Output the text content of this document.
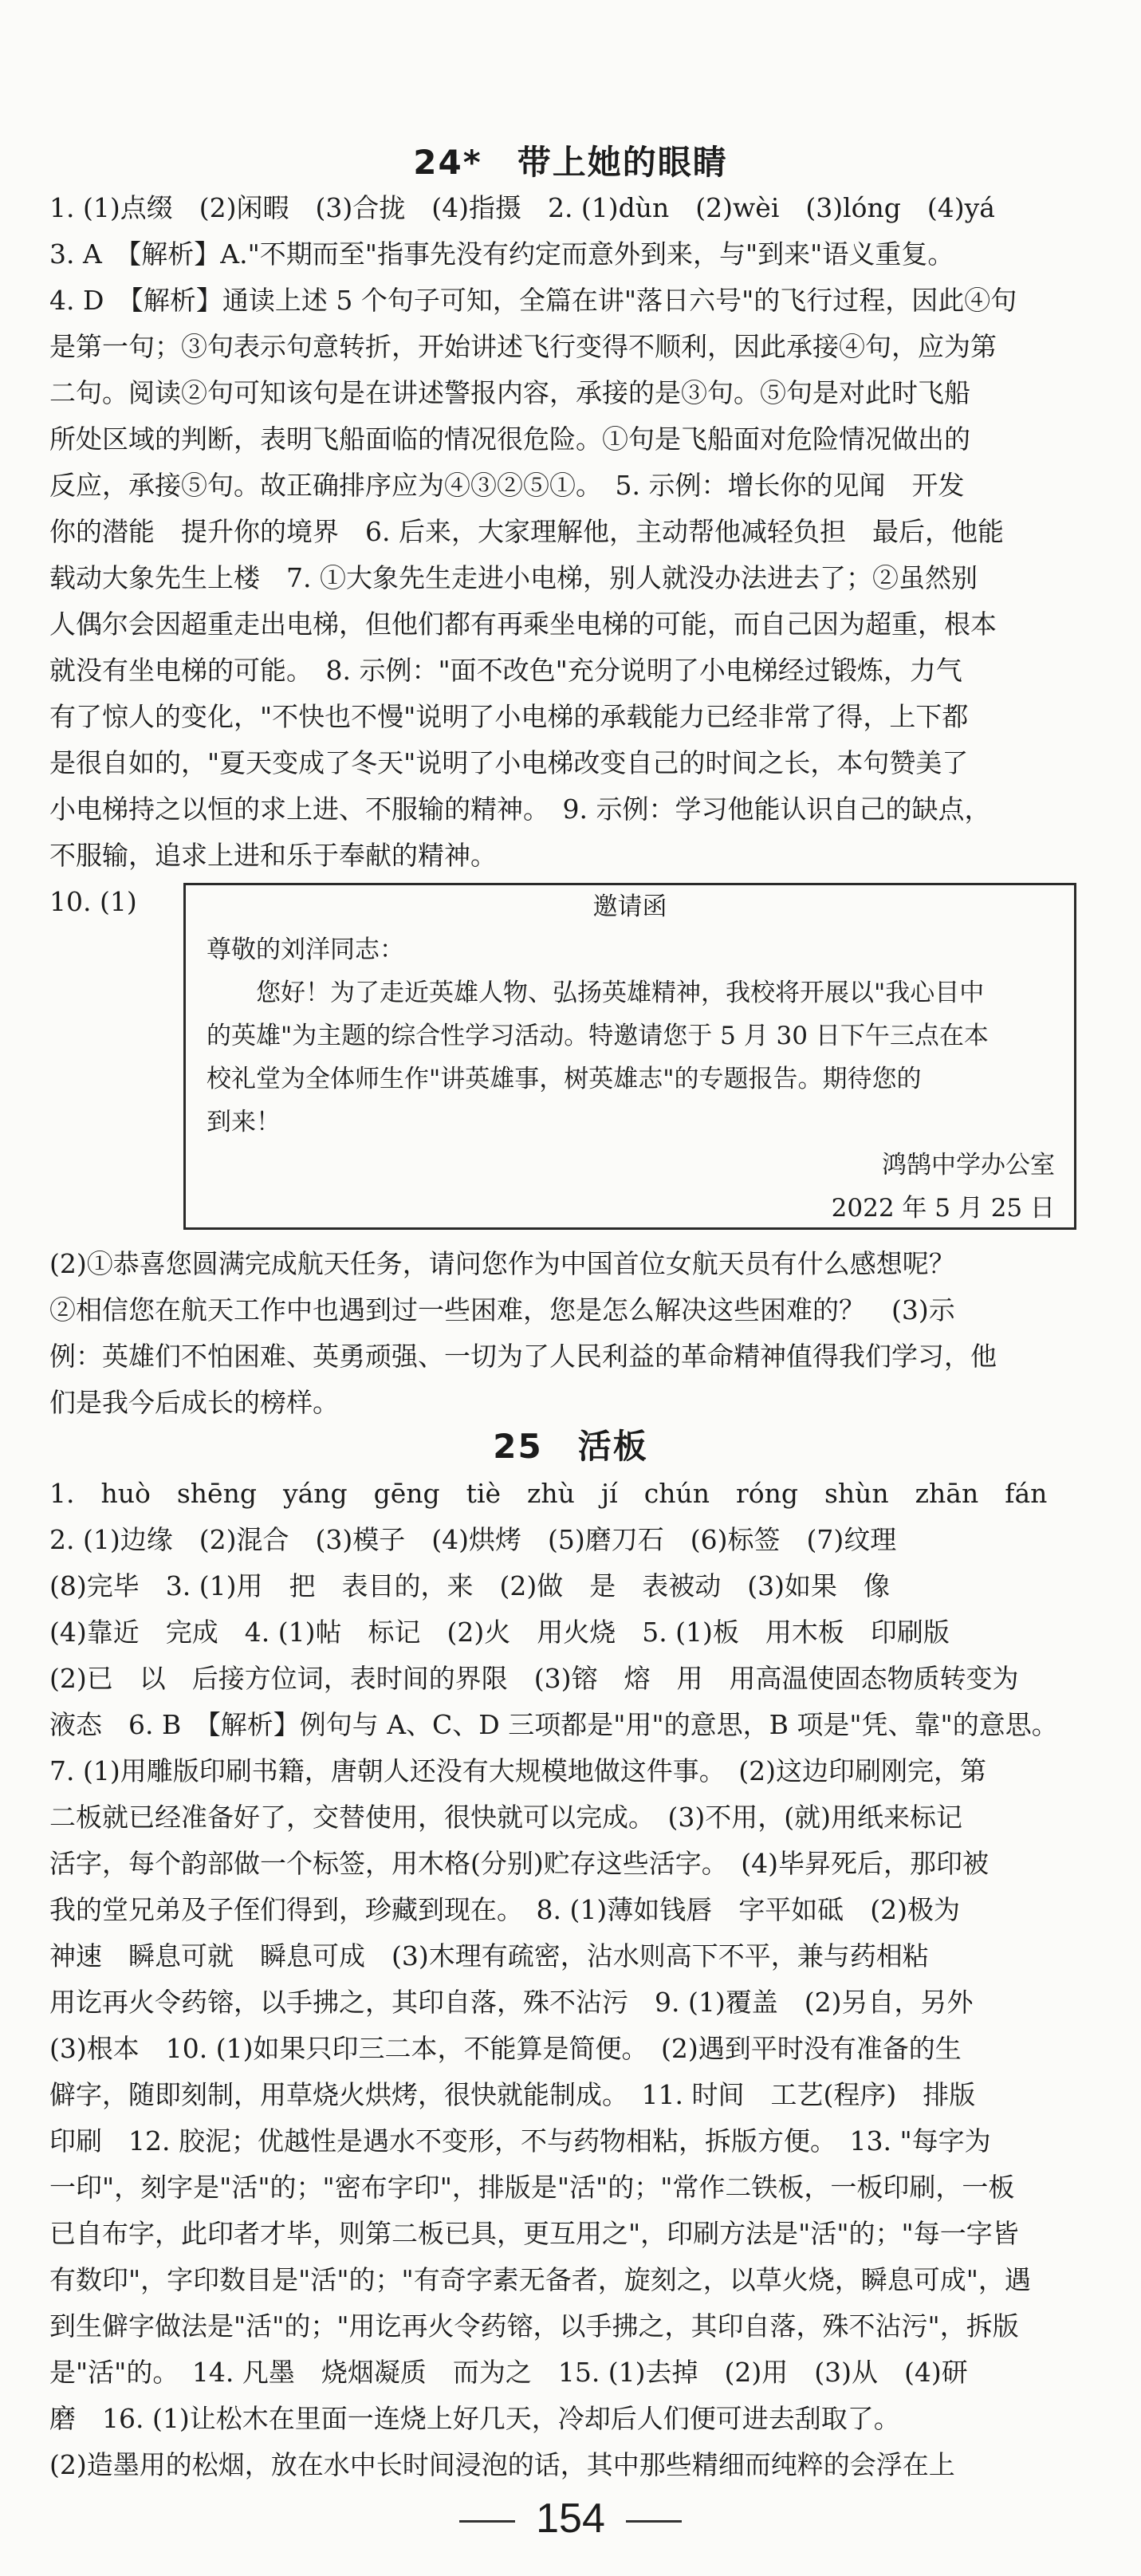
24*　带上她的眼睛
1. (1)点缀　(2)闲暇　(3)合拢　(4)指摄　2. (1)dùn　(2)wèi　(3)lóng　(4)yá
3. A　【解析】A."不期而至"指事先没有约定而意外到来，与"到来"语义重复。
4. D　【解析】通读上述 5 个句子可知，全篇在讲"落日六号"的飞行过程，因此④句
是第一句；③句表示句意转折，开始讲述飞行变得不顺利，因此承接④句，应为第
二句。阅读②句可知该句是在讲述警报内容，承接的是③句。⑤句是对此时飞船
所处区域的判断，表明飞船面临的情况很危险。①句是飞船面对危险情况做出的
反应，承接⑤句。故正确排序应为④③②⑤①。　5. 示例：增长你的见闻　开发
你的潜能　提升你的境界　6. 后来，大家理解他，主动帮他减轻负担　最后，他能
载动大象先生上楼　7. ①大象先生走进小电梯，别人就没办法进去了；②虽然别
人偶尔会因超重走出电梯，但他们都有再乘坐电梯的可能，而自己因为超重，根本
就没有坐电梯的可能。　8. 示例："面不改色"充分说明了小电梯经过锻炼，力气
有了惊人的变化，"不快也不慢"说明了小电梯的承载能力已经非常了得，上下都
是很自如的，"夏天变成了冬天"说明了小电梯改变自己的时间之长，本句赞美了
小电梯持之以恒的求上进、不服输的精神。　9. 示例：学习他能认识自己的缺点，
不服输，追求上进和乐于奉献的精神。
10. (1)	邀请函
尊敬的刘洋同志：
　　您好！为了走近英雄人物、弘扬英雄精神，我校将开展以"我心目中
的英雄"为主题的综合性学习活动。特邀请您于 5 月 30 日下午三点在本
校礼堂为全体师生作"讲英雄事，树英雄志"的专题报告。期待您的
到来！
鸿鹄中学办公室
2022 年 5 月 25 日
(2)①恭喜您圆满完成航天任务，请问您作为中国首位女航天员有什么感想呢？
②相信您在航天工作中也遇到过一些困难，您是怎么解决这些困难的？　(3)示
例：英雄们不怕困难、英勇顽强、一切为了人民利益的革命精神值得我们学习，他
们是我今后成长的榜样。
25　活板
1.　huò　shēng　yáng　gēng　tiè　zhù　jí　chún　róng　shùn　zhān　fán
2. (1)边缘　(2)混合　(3)模子　(4)烘烤　(5)磨刀石　(6)标签　(7)纹理
(8)完毕　3. (1)用　把　表目的，来　(2)做　是　表被动　(3)如果　像
(4)靠近　完成　4. (1)帖　标记　(2)火　用火烧　5. (1)板　用木板　印刷版
(2)已　以　后接方位词，表时间的界限　(3)镕　熔　用　用高温使固态物质转变为
液态　6. B　【解析】例句与 A、C、D 三项都是"用"的意思，B 项是"凭、靠"的意思。
7. (1)用雕版印刷书籍，唐朝人还没有大规模地做这件事。　(2)这边印刷刚完，第
二板就已经准备好了，交替使用，很快就可以完成。　(3)不用，(就)用纸来标记
活字，每个韵部做一个标签，用木格(分别)贮存这些活字。　(4)毕昇死后，那印被
我的堂兄弟及子侄们得到，珍藏到现在。　8. (1)薄如钱唇　字平如砥　(2)极为
神速　瞬息可就　瞬息可成　(3)木理有疏密，沾水则高下不平，兼与药相粘
用讫再火令药镕，以手拂之，其印自落，殊不沾污　9. (1)覆盖　(2)另自，另外
(3)根本　10. (1)如果只印三二本，不能算是简便。　(2)遇到平时没有准备的生
僻字，随即刻制，用草烧火烘烤，很快就能制成。　11. 时间　工艺(程序)　排版
印刷　12. 胶泥；优越性是遇水不变形，不与药物相粘，拆版方便。　13. "每字为
一印"，刻字是"活"的；"密布字印"，排版是"活"的；"常作二铁板，一板印刷，一板
已自布字，此印者才毕，则第二板已具，更互用之"，印刷方法是"活"的；"每一字皆
有数印"，字印数目是"活"的；"有奇字素无备者，旋刻之，以草火烧，瞬息可成"，遇
到生僻字做法是"活"的；"用讫再火令药镕，以手拂之，其印自落，殊不沾污"，拆版
是"活"的。　14. 凡墨　烧烟凝质　而为之　15. (1)去掉　(2)用　(3)从　(4)研
磨　16. (1)让松木在里面一连烧上好几天，冷却后人们便可进去刮取了。
(2)造墨用的松烟，放在水中长时间浸泡的话，其中那些精细而纯粹的会浮在上
154
